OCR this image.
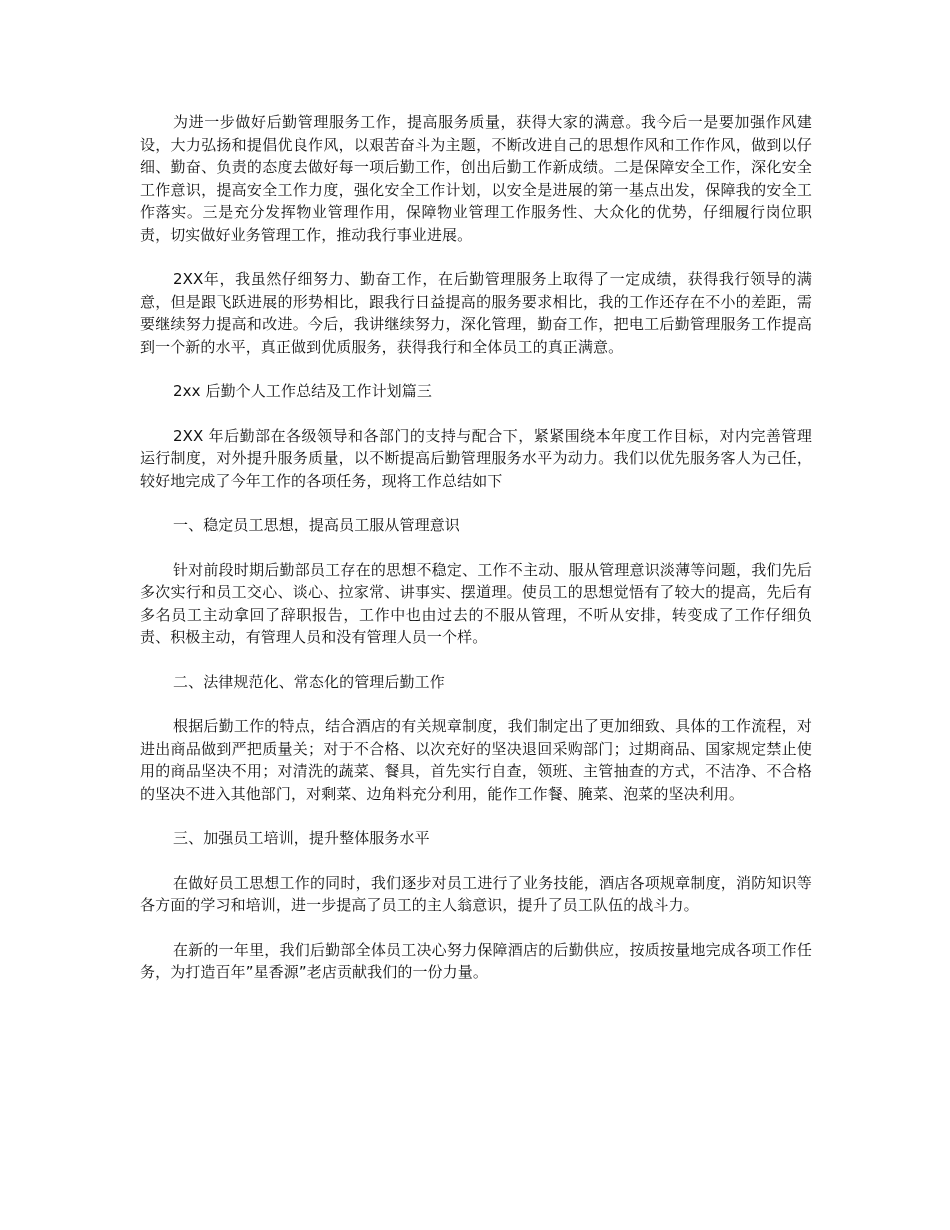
为进一步做好后勤管理服务工作，提高服务质量，获得大家的满意。我今后一是要加强作风建设，大力弘扬和提倡优良作风，以艰苦奋斗为主题，不断改进自己的思想作风和工作作风，做到以仔细、勤奋、负责的态度去做好每一项后勤工作，创出后勤工作新成绩。二是保障安全工作，深化安全工作意识，提高安全工作力度，强化安全工作计划，以安全是进展的第一基点出发，保障我的安全工作落实。三是充分发挥物业管理作用，保障物业管理工作服务性、大众化的优势，仔细履行岗位职责，切实做好业务管理工作，推动我行事业进展。

2XX年，我虽然仔细努力、勤奋工作，在后勤管理服务上取得了一定成绩，获得我行领导的满意，但是跟飞跃进展的形势相比，跟我行日益提高的服务要求相比，我的工作还存在不小的差距，需要继续努力提高和改进。今后，我讲继续努力，深化管理，勤奋工作，把电工后勤管理服务工作提高到一个新的水平，真正做到优质服务，获得我行和全体员工的真正满意。

2xx 后勤个人工作总结及工作计划篇三

2XX 年后勤部在各级领导和各部门的支持与配合下，紧紧围绕本年度工作目标，对内完善管理运行制度，对外提升服务质量，以不断提高后勤管理服务水平为动力。我们以优先服务客人为己任，较好地完成了今年工作的各项任务，现将工作总结如下

一、稳定员工思想，提高员工服从管理意识

针对前段时期后勤部员工存在的思想不稳定、工作不主动、服从管理意识淡薄等问题，我们先后多次实行和员工交心、谈心、拉家常、讲事实、摆道理。使员工的思想觉悟有了较大的提高，先后有多名员工主动拿回了辞职报告，工作中也由过去的不服从管理，不听从安排，转变成了工作仔细负责、积极主动，有管理人员和没有管理人员一个样。

二、法律规范化、常态化的管理后勤工作

根据后勤工作的特点，结合酒店的有关规章制度，我们制定出了更加细致、具体的工作流程，对进出商品做到严把质量关；对于不合格、以次充好的坚决退回采购部门；过期商品、国家规定禁止使用的商品坚决不用；对清洗的蔬菜、餐具，首先实行自查，领班、主管抽查的方式，不洁净、不合格的坚决不进入其他部门，对剩菜、边角料充分利用，能作工作餐、腌菜、泡菜的坚决利用。

三、加强员工培训，提升整体服务水平

在做好员工思想工作的同时，我们逐步对员工进行了业务技能，酒店各项规章制度，消防知识等各方面的学习和培训，进一步提高了员工的主人翁意识，提升了员工队伍的战斗力。

在新的一年里，我们后勤部全体员工决心努力保障酒店的后勤供应，按质按量地完成各项工作任务，为打造百年”星香源”老店贡献我们的一份力量。
